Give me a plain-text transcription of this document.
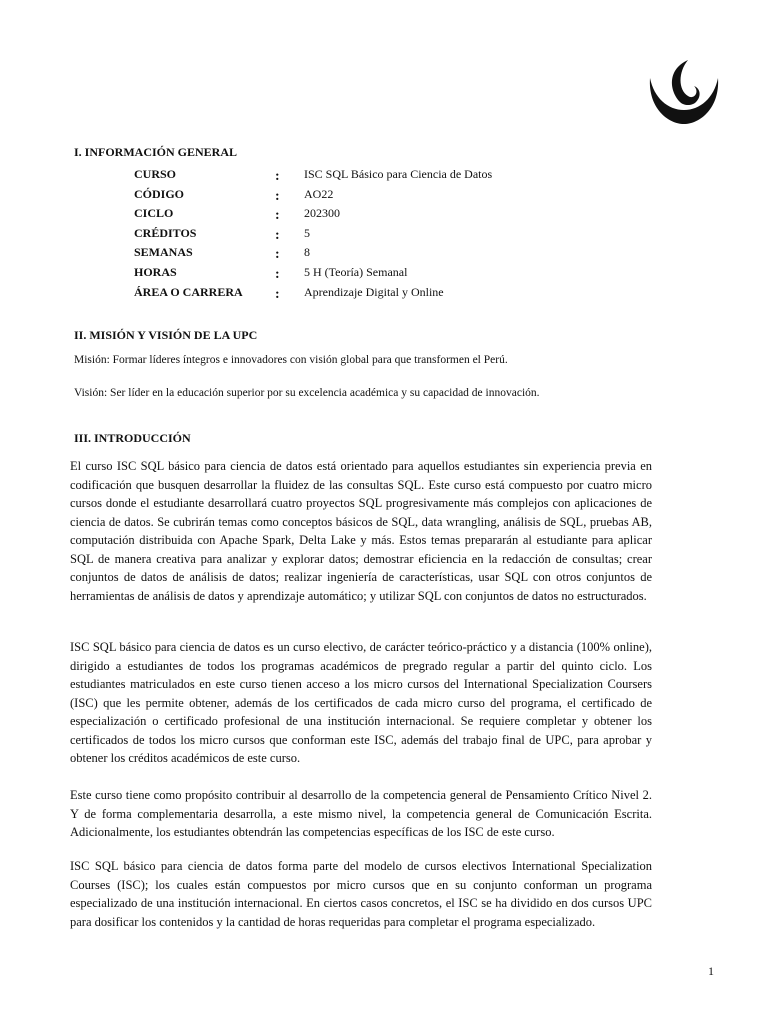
I. INFORMACIÓN GENERAL
CURSO	: ISC SQL Básico para Ciencia de Datos
CÓDIGO	: AO22
CICLO	: 202300
CRÉDITOS	: 5
SEMANAS	: 8
HORAS	: 5 H (Teoría) Semanal
ÁREA O CARRERA : Aprendizaje Digital y Online
II. MISIÓN Y VISIÓN DE LA UPC
Misión: Formar líderes íntegros e innovadores con visión global para que transformen el Perú.
Visión: Ser líder en la educación superior por su excelencia académica y su capacidad de innovación.
III. INTRODUCCIÓN

El curso ISC SQL básico para ciencia de datos está orientado para aquellos estudiantes sin experiencia previa en codificación que busquen desarrollar la fluidez de las consultas SQL. Este curso está compuesto por cuatro micro cursos donde el estudiante desarrollará cuatro proyectos SQL progresivamente más complejos con aplicaciones de ciencia de datos. Se cubrirán temas como conceptos básicos de SQL, data wrangling, análisis de SQL, pruebas AB, computación distribuida con Apache Spark, Delta Lake y más. Estos temas prepararán al estudiante para aplicar SQL de manera creativa para analizar y explorar datos; demostrar eficiencia en la redacción de consultas; crear conjuntos de datos de análisis de datos; realizar ingeniería de características, usar SQL con otros conjuntos de herramientas de análisis de datos y aprendizaje automático; y utilizar SQL con conjuntos de datos no estructurados.

ISC SQL básico para ciencia de datos es un curso electivo, de carácter teórico-práctico y a distancia (100% online), dirigido a estudiantes de todos los programas académicos de pregrado regular a partir del quinto ciclo. Los estudiantes matriculados en este curso tienen acceso a los micro cursos del International Specialization Coursers (ISC) que les permite obtener, además de los certificados de cada micro curso del programa, el certificado de especialización o certificado profesional de una institución internacional. Se requiere completar y obtener los certificados de todos los micro cursos que conforman este ISC, además del trabajo final de UPC, para aprobar y obtener los créditos académicos de este curso.

Este curso tiene como propósito contribuir al desarrollo de la competencia general de Pensamiento Crítico Nivel 2. Y de forma complementaria desarrolla, a este mismo nivel, la competencia general de Comunicación Escrita. Adicionalmente, los estudiantes obtendrán las competencias específicas de los ISC de este curso.

ISC SQL básico para ciencia de datos forma parte del modelo de cursos electivos International Specialization Courses (ISC); los cuales están compuestos por micro cursos que en su conjunto conforman un programa especializado de una institución internacional. En ciertos casos concretos, el ISC se ha dividido en dos cursos UPC para dosificar los contenidos y la cantidad de horas requeridas para completar el programa especializado.

1
